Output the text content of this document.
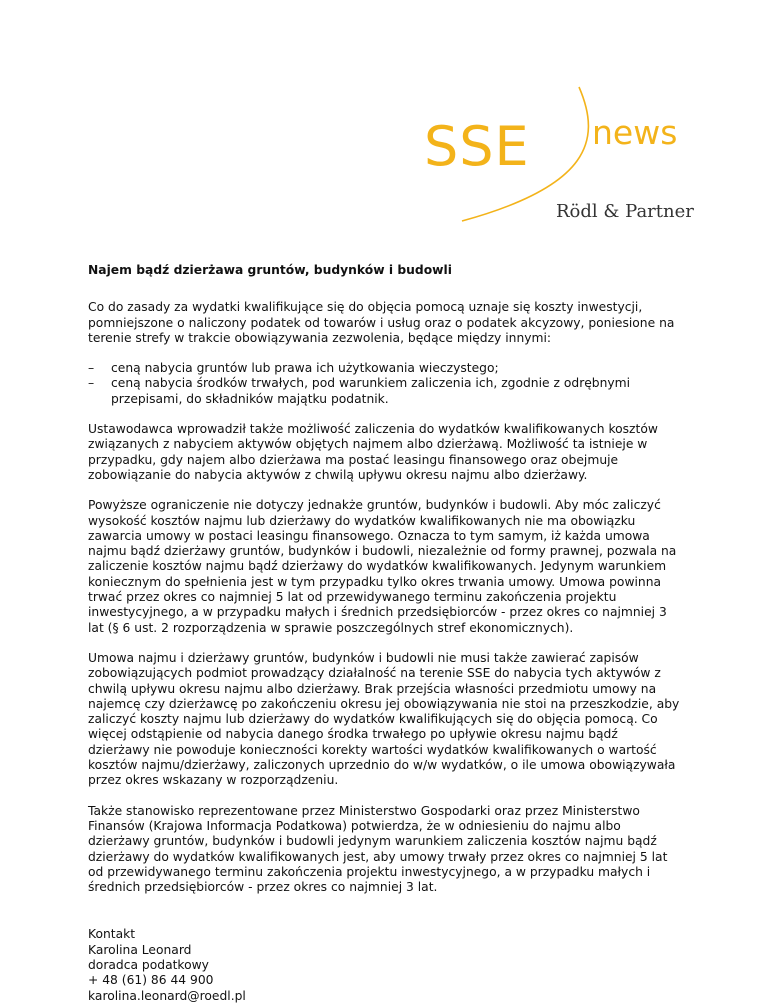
SSE news
Rödl & Partner
Najem bądź dzierżawa gruntów, budynków i budowli

Co do zasady za wydatki kwalifikujące się do objęcia pomocą uznaje się koszty inwestycji, pomniejszone o naliczony podatek od towarów i usług oraz o podatek akcyzowy, poniesione na terenie strefy w trakcie obowiązywania zezwolenia, będące między innymi:

– ceną nabycia gruntów lub prawa ich użytkowania wieczystego;
– ceną nabycia środków trwałych, pod warunkiem zaliczenia ich, zgodnie z odrębnymi przepisami, do składników majątku podatnik.

Ustawodawca wprowadził także możliwość zaliczenia do wydatków kwalifikowanych kosztów związanych z nabyciem aktywów objętych najmem albo dzierżawą. Możliwość ta istnieje w przypadku, gdy najem albo dzierżawa ma postać leasingu finansowego oraz obejmuje zobowiązanie do nabycia aktywów z chwilą upływu okresu najmu albo dzierżawy.

Powyższe ograniczenie nie dotyczy jednakże gruntów, budynków i budowli. Aby móc zaliczyć wysokość kosztów najmu lub dzierżawy do wydatków kwalifikowanych nie ma obowiązku zawarcia umowy w postaci leasingu finansowego. Oznacza to tym samym, iż każda umowa najmu bądź dzierżawy gruntów, budynków i budowli, niezależnie od formy prawnej, pozwala na zaliczenie kosztów najmu bądź dzierżawy do wydatków kwalifikowanych. Jedynym warunkiem koniecznym do spełnienia jest w tym przypadku tylko okres trwania umowy. Umowa powinna trwać przez okres co najmniej 5 lat od przewidywanego terminu zakończenia projektu inwestycyjnego, a w przypadku małych i średnich przedsiębiorców - przez okres co najmniej 3 lat (§ 6 ust. 2 rozporządzenia w sprawie poszczególnych stref ekonomicznych).

Umowa najmu i dzierżawy gruntów, budynków i budowli nie musi także zawierać zapisów zobowiązujących podmiot prowadzący działalność na terenie SSE do nabycia tych aktywów z chwilą upływu okresu najmu albo dzierżawy. Brak przejścia własności przedmiotu umowy na najemcę czy dzierżawcę po zakończeniu okresu jej obowiązywania nie stoi na przeszkodzie, aby zaliczyć koszty najmu lub dzierżawy do wydatków kwalifikujących się do objęcia pomocą. Co więcej odstąpienie od nabycia danego środka trwałego po upływie okresu najmu bądź dzierżawy nie powoduje konieczności korekty wartości wydatków kwalifikowanych o wartość kosztów najmu/dzierżawy, zaliczonych uprzednio do w/w wydatków, o ile umowa obowiązywała przez okres wskazany w rozporządzeniu.

Także stanowisko reprezentowane przez Ministerstwo Gospodarki oraz przez Ministerstwo Finansów (Krajowa Informacja Podatkowa) potwierdza, że w odniesieniu do najmu albo dzierżawy gruntów, budynków i budowli jedynym warunkiem zaliczenia kosztów najmu bądź dzierżawy do wydatków kwalifikowanych jest, aby umowy trwały przez okres co najmniej 5 lat od przewidywanego terminu zakończenia projektu inwestycyjnego, a w przypadku małych i średnich przedsiębiorców - przez okres co najmniej 3 lat.

Kontakt
Karolina Leonard
doradca podatkowy
+ 48 (61) 86 44 900
karolina.leonard@roedl.pl
